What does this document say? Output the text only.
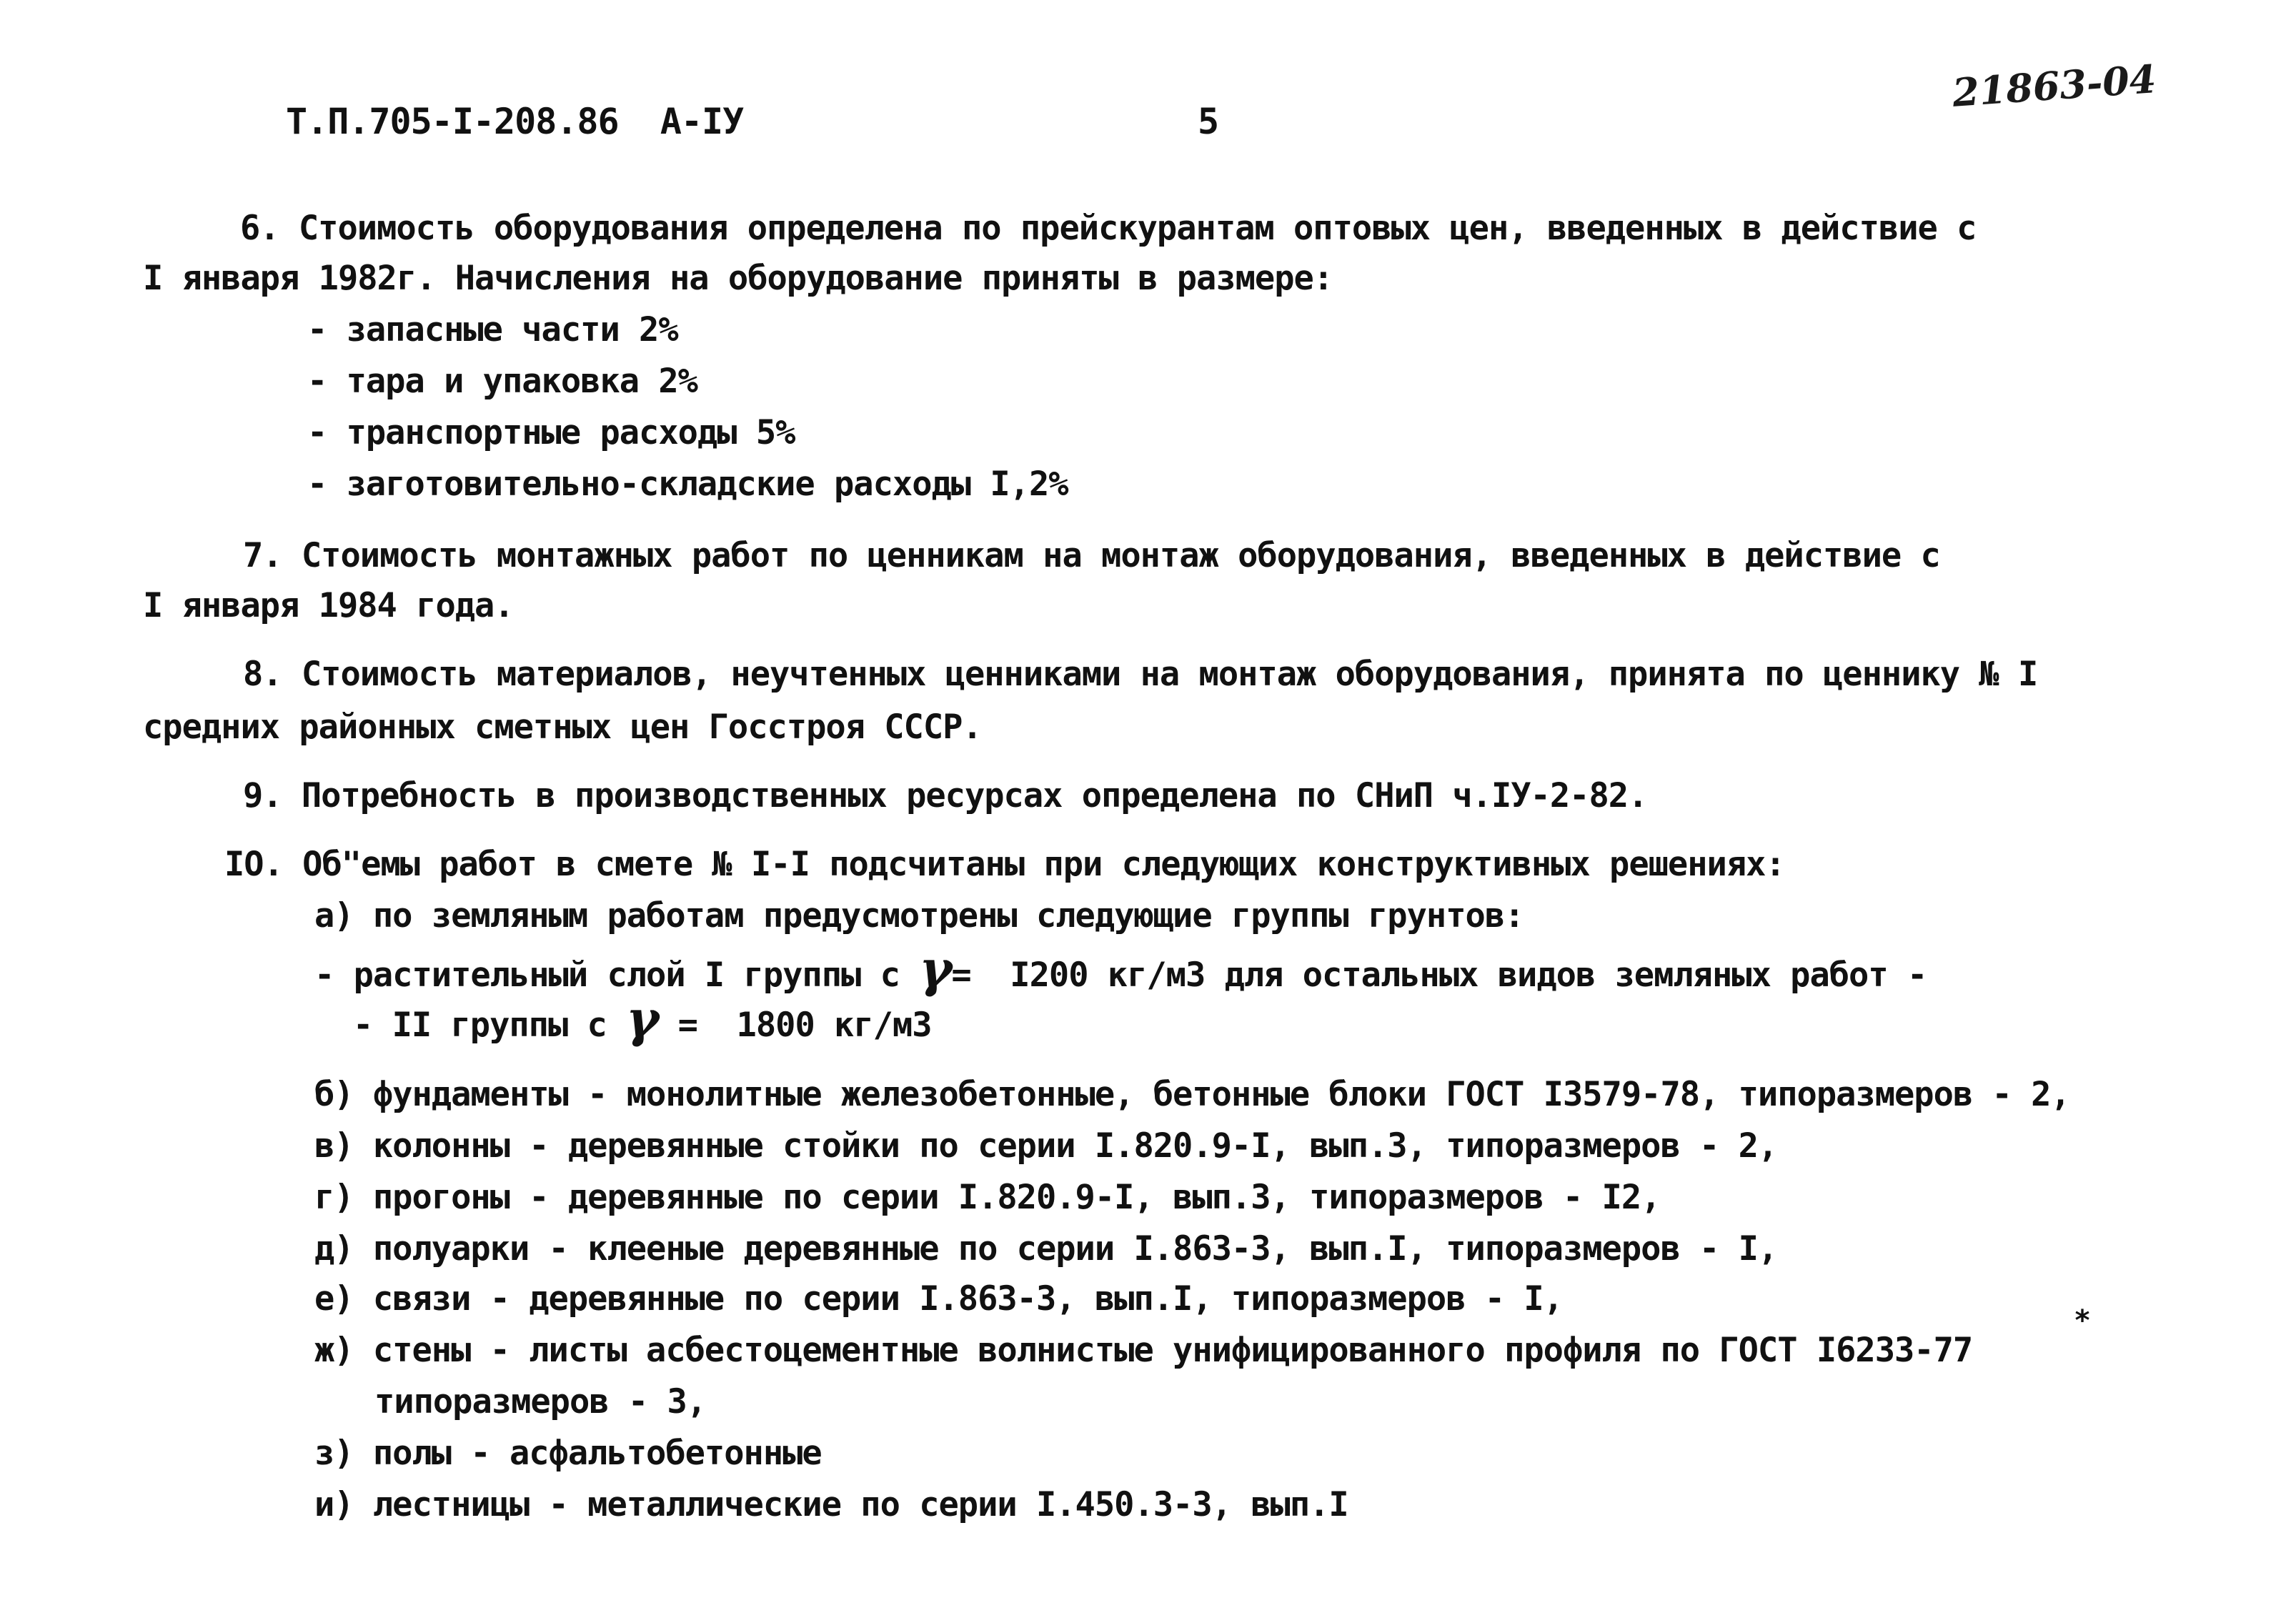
Т.П.705-I-208.86  А-IУ	5
21863-04
6. Стоимость оборудования определена по прейскурантам оптовых цен, введенных в действие с
I января 1982г. Начисления на оборудование приняты в размере:
- запасные части 2%
- тара и упаковка 2%
- транспортные расходы 5%
- заготовительно-складские расходы I,2%
7. Стоимость монтажных работ по ценникам на монтаж оборудования, введенных в действие с
I января 1984 года.
8. Стоимость материалов, неучтенных ценниками на монтаж оборудования, принята по ценнику № I
средних районных сметных цен Госстроя СССР.
9. Потребность в производственных ресурсах определена по СНиП ч.IУ-2-82.
IO. Об"емы работ в смете № I-I подсчитаны при следующих конструктивных решениях:
а) по земляным работам предусмотрены следующие группы грунтов:
- растительный слой I группы с γ=  I200 кг/м3 для остальных видов земляных работ -
- II группы с γ =  1800 кг/м3
б) фундаменты - монолитные железобетонные, бетонные блоки ГОСТ I3579-78, типоразмеров - 2,
в) колонны - деревянные стойки по серии I.820.9-I, вып.3, типоразмеров - 2,
г) прогоны - деревянные по серии I.820.9-I, вып.3, типоразмеров - I2,
д) полуарки - клееные деревянные по серии I.863-3, вып.I, типоразмеров - I,
е) связи - деревянные по серии I.863-3, вып.I, типоразмеров - I,
ж) стены - листы асбестоцементные волнистые унифицированного профиля по ГОСТ I6233-77
*
типоразмеров - 3,
з) полы - асфальтобетонные
и) лестницы - металлические по серии I.450.3-3, вып.I
